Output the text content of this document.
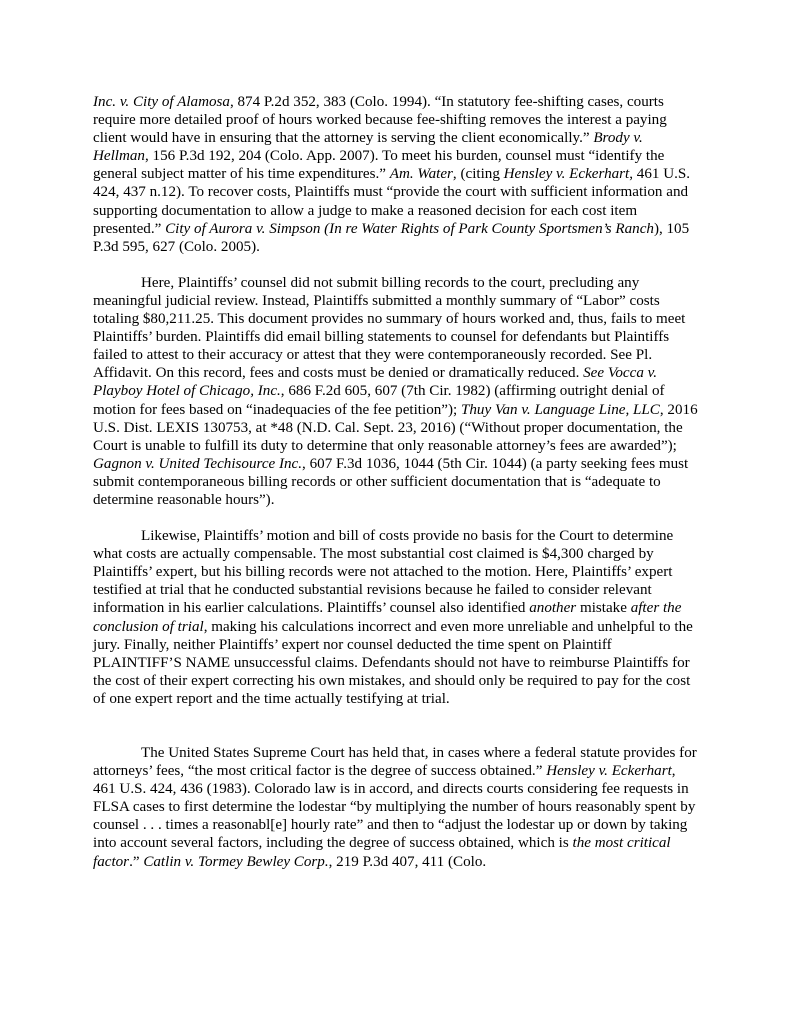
Inc. v. City of Alamosa, 874 P.2d 352, 383 (Colo. 1994). “In statutory fee-shifting cases, courts require more detailed proof of hours worked because fee-shifting removes the interest a paying client would have in ensuring that the attorney is serving the client economically.” Brody v. Hellman, 156 P.3d 192, 204 (Colo. App. 2007). To meet his burden, counsel must “identify the general subject matter of his time expenditures.” Am. Water, (citing Hensley v. Eckerhart, 461 U.S. 424, 437 n.12). To recover costs, Plaintiffs must “provide the court with sufficient information and supporting documentation to allow a judge to make a reasoned decision for each cost item presented.” City of Aurora v. Simpson (In re Water Rights of Park County Sportsmen’s Ranch), 105 P.3d 595, 627 (Colo. 2005).

Here, Plaintiffs’ counsel did not submit billing records to the court, precluding any meaningful judicial review. Instead, Plaintiffs submitted a monthly summary of “Labor” costs totaling $80,211.25. This document provides no summary of hours worked and, thus, fails to meet Plaintiffs’ burden. Plaintiffs did email billing statements to counsel for defendants but Plaintiffs failed to attest to their accuracy or attest that they were contemporaneously recorded. See Pl. Affidavit. On this record, fees and costs must be denied or dramatically reduced. See Vocca v. Playboy Hotel of Chicago, Inc., 686 F.2d 605, 607 (7th Cir. 1982) (affirming outright denial of motion for fees based on “inadequacies of the fee petition”); Thuy Van v. Language Line, LLC, 2016 U.S. Dist. LEXIS 130753, at *48 (N.D. Cal. Sept. 23, 2016) (“Without proper documentation, the Court is unable to fulfill its duty to determine that only reasonable attorney’s fees are awarded”); Gagnon v. United Techisource Inc., 607 F.3d 1036, 1044 (5th Cir. 1044) (a party seeking fees must submit contemporaneous billing records or other sufficient documentation that is “adequate to determine reasonable hours”).

Likewise, Plaintiffs’ motion and bill of costs provide no basis for the Court to determine what costs are actually compensable. The most substantial cost claimed is $4,300 charged by Plaintiffs’ expert, but his billing records were not attached to the motion. Here, Plaintiffs’ expert testified at trial that he conducted substantial revisions because he failed to consider relevant information in his earlier calculations. Plaintiffs’ counsel also identified another mistake after the conclusion of trial, making his calculations incorrect and even more unreliable and unhelpful to the jury. Finally, neither Plaintiffs’ expert nor counsel deducted the time spent on Plaintiff PLAINTIFF’S NAME unsuccessful claims. Defendants should not have to reimburse Plaintiffs for the cost of their expert correcting his own mistakes, and should only be required to pay for the cost of one expert report and the time actually testifying at trial.

The United States Supreme Court has held that, in cases where a federal statute provides for attorneys’ fees, “the most critical factor is the degree of success obtained.” Hensley v. Eckerhart, 461 U.S. 424, 436 (1983). Colorado law is in accord, and directs courts considering fee requests in FLSA cases to first determine the lodestar “by multiplying the number of hours reasonably spent by counsel . . . times a reasonabl[e] hourly rate” and then to “adjust the lodestar up or down by taking into account several factors, including the degree of success obtained, which is the most critical factor.” Catlin v. Tormey Bewley Corp., 219 P.3d 407, 411 (Colo.
